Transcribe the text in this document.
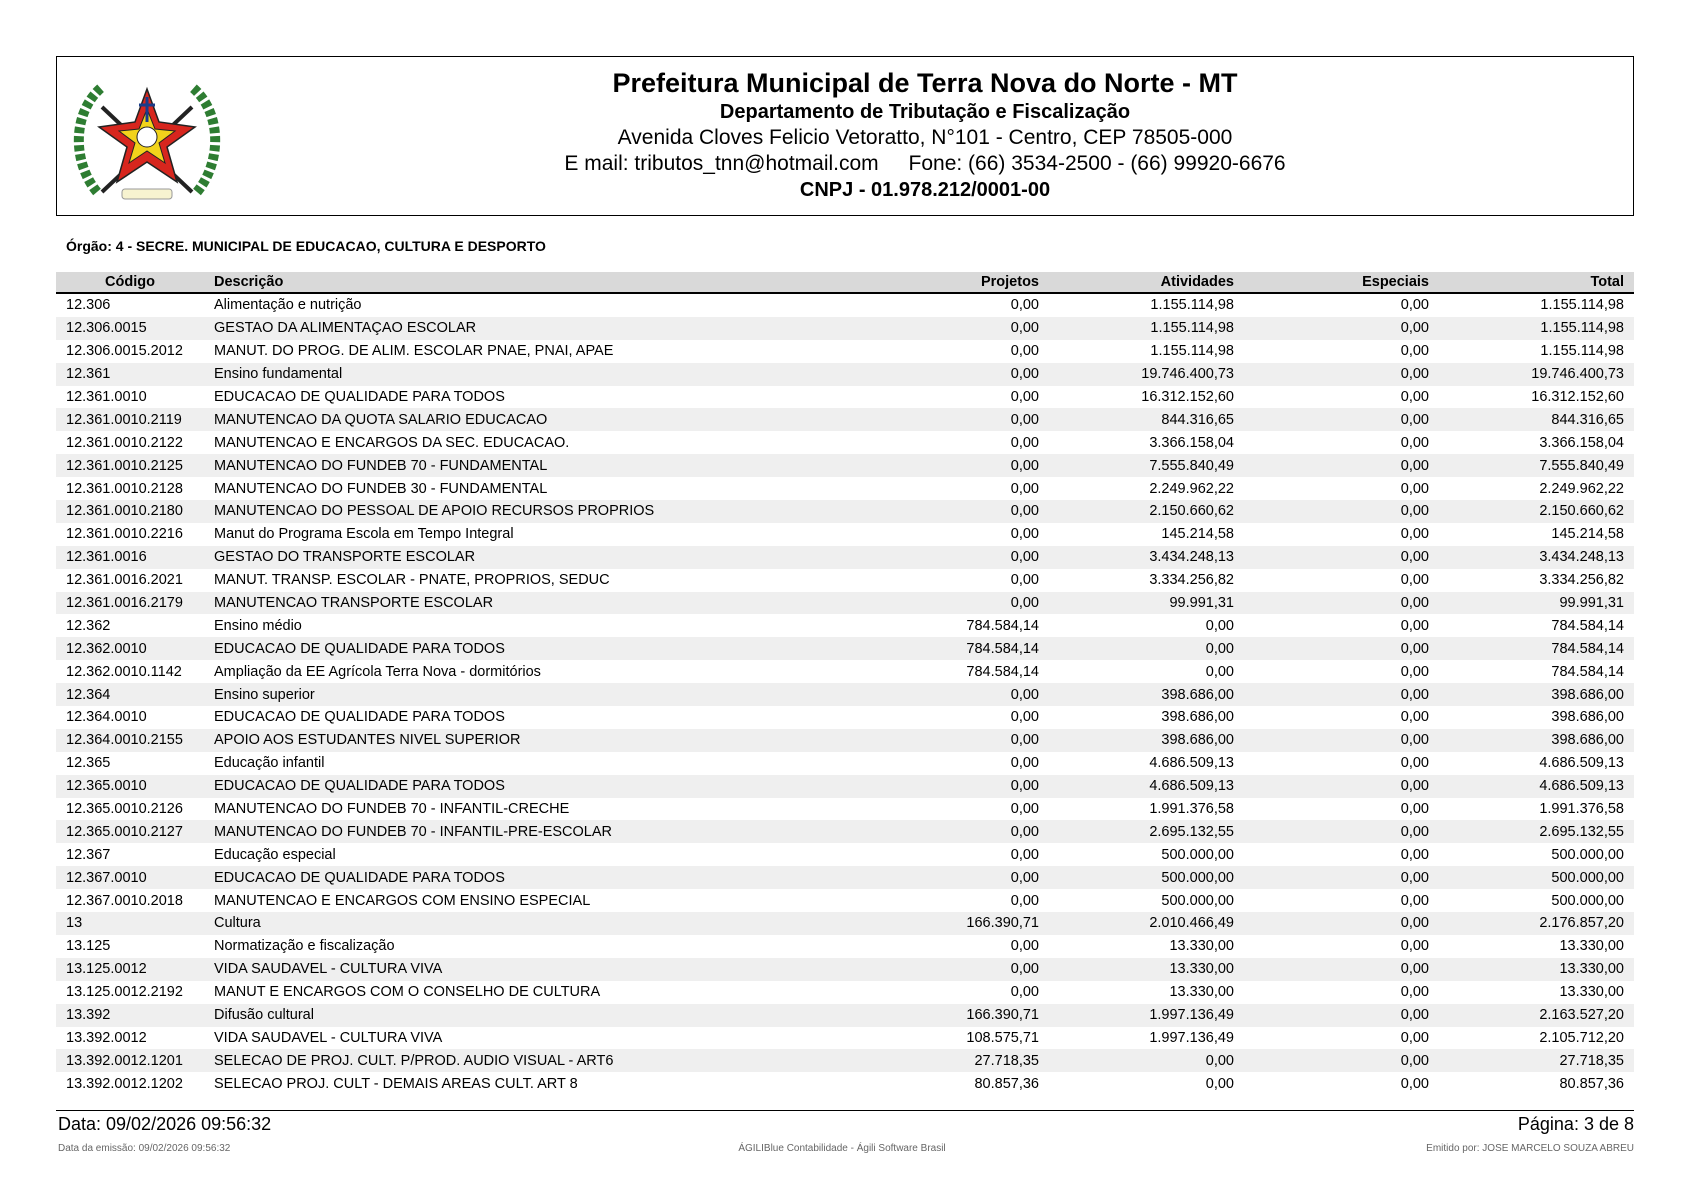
Prefeitura Municipal de Terra Nova do Norte - MT
Departamento de Tributação e Fiscalização
Avenida Cloves Felicio Vetoratto, N°101 - Centro, CEP 78505-000
E mail: tributos_tnn@hotmail.com Fone: (66) 3534-2500 - (66) 99920-6676
CNPJ - 01.978.212/0001-00
Órgão: 4 - SECRE. MUNICIPAL DE EDUCACAO, CULTURA E DESPORTO
Código	Descrição	Projetos	Atividades	Especiais	Total
12.306	Alimentação e nutrição	0,00	1.155.114,98	0,00	1.155.114,98
12.306.0015	GESTAO DA ALIMENTAÇAO ESCOLAR	0,00	1.155.114,98	0,00	1.155.114,98
12.306.0015.2012	MANUT. DO PROG. DE ALIM. ESCOLAR PNAE, PNAI, APAE	0,00	1.155.114,98	0,00	1.155.114,98
12.361	Ensino fundamental	0,00	19.746.400,73	0,00	19.746.400,73
12.361.0010	EDUCACAO DE QUALIDADE PARA TODOS	0,00	16.312.152,60	0,00	16.312.152,60
12.361.0010.2119	MANUTENCAO DA QUOTA SALARIO EDUCACAO	0,00	844.316,65	0,00	844.316,65
12.361.0010.2122	MANUTENCAO E ENCARGOS DA SEC. EDUCACAO.	0,00	3.366.158,04	0,00	3.366.158,04
12.361.0010.2125	MANUTENCAO DO FUNDEB 70 - FUNDAMENTAL	0,00	7.555.840,49	0,00	7.555.840,49
12.361.0010.2128	MANUTENCAO DO FUNDEB 30 - FUNDAMENTAL	0,00	2.249.962,22	0,00	2.249.962,22
12.361.0010.2180	MANUTENCAO DO PESSOAL DE APOIO RECURSOS PROPRIOS	0,00	2.150.660,62	0,00	2.150.660,62
12.361.0010.2216	Manut do Programa Escola em Tempo Integral	0,00	145.214,58	0,00	145.214,58
12.361.0016	GESTAO DO TRANSPORTE ESCOLAR	0,00	3.434.248,13	0,00	3.434.248,13
12.361.0016.2021	MANUT. TRANSP. ESCOLAR - PNATE, PROPRIOS, SEDUC	0,00	3.334.256,82	0,00	3.334.256,82
12.361.0016.2179	MANUTENCAO TRANSPORTE ESCOLAR	0,00	99.991,31	0,00	99.991,31
12.362	Ensino médio	784.584,14	0,00	0,00	784.584,14
12.362.0010	EDUCACAO DE QUALIDADE PARA TODOS	784.584,14	0,00	0,00	784.584,14
12.362.0010.1142	Ampliação da EE Agrícola Terra Nova - dormitórios	784.584,14	0,00	0,00	784.584,14
12.364	Ensino superior	0,00	398.686,00	0,00	398.686,00
12.364.0010	EDUCACAO DE QUALIDADE PARA TODOS	0,00	398.686,00	0,00	398.686,00
12.364.0010.2155	APOIO AOS ESTUDANTES NIVEL SUPERIOR	0,00	398.686,00	0,00	398.686,00
12.365	Educação infantil	0,00	4.686.509,13	0,00	4.686.509,13
12.365.0010	EDUCACAO DE QUALIDADE PARA TODOS	0,00	4.686.509,13	0,00	4.686.509,13
12.365.0010.2126	MANUTENCAO DO FUNDEB 70 - INFANTIL-CRECHE	0,00	1.991.376,58	0,00	1.991.376,58
12.365.0010.2127	MANUTENCAO DO FUNDEB 70 - INFANTIL-PRE-ESCOLAR	0,00	2.695.132,55	0,00	2.695.132,55
12.367	Educação especial	0,00	500.000,00	0,00	500.000,00
12.367.0010	EDUCACAO DE QUALIDADE PARA TODOS	0,00	500.000,00	0,00	500.000,00
12.367.0010.2018	MANUTENCAO E ENCARGOS COM ENSINO ESPECIAL	0,00	500.000,00	0,00	500.000,00
13	Cultura	166.390,71	2.010.466,49	0,00	2.176.857,20
13.125	Normatização e fiscalização	0,00	13.330,00	0,00	13.330,00
13.125.0012	VIDA SAUDAVEL - CULTURA VIVA	0,00	13.330,00	0,00	13.330,00
13.125.0012.2192	MANUT E ENCARGOS COM O CONSELHO DE CULTURA	0,00	13.330,00	0,00	13.330,00
13.392	Difusão cultural	166.390,71	1.997.136,49	0,00	2.163.527,20
13.392.0012	VIDA SAUDAVEL - CULTURA VIVA	108.575,71	1.997.136,49	0,00	2.105.712,20
13.392.0012.1201	SELECAO DE PROJ. CULT. P/PROD. AUDIO VISUAL - ART6	27.718,35	0,00	0,00	27.718,35
13.392.0012.1202	SELECAO PROJ. CULT - DEMAIS AREAS CULT. ART 8	80.857,36	0,00	0,00	80.857,36
Data: 09/02/2026 09:56:32	Página: 3 de 8
Data da emissão: 09/02/2026 09:56:32	ÁGILIBlue Contabilidade - Ágili Software Brasil	Emitido por: JOSE MARCELO SOUZA ABREU
